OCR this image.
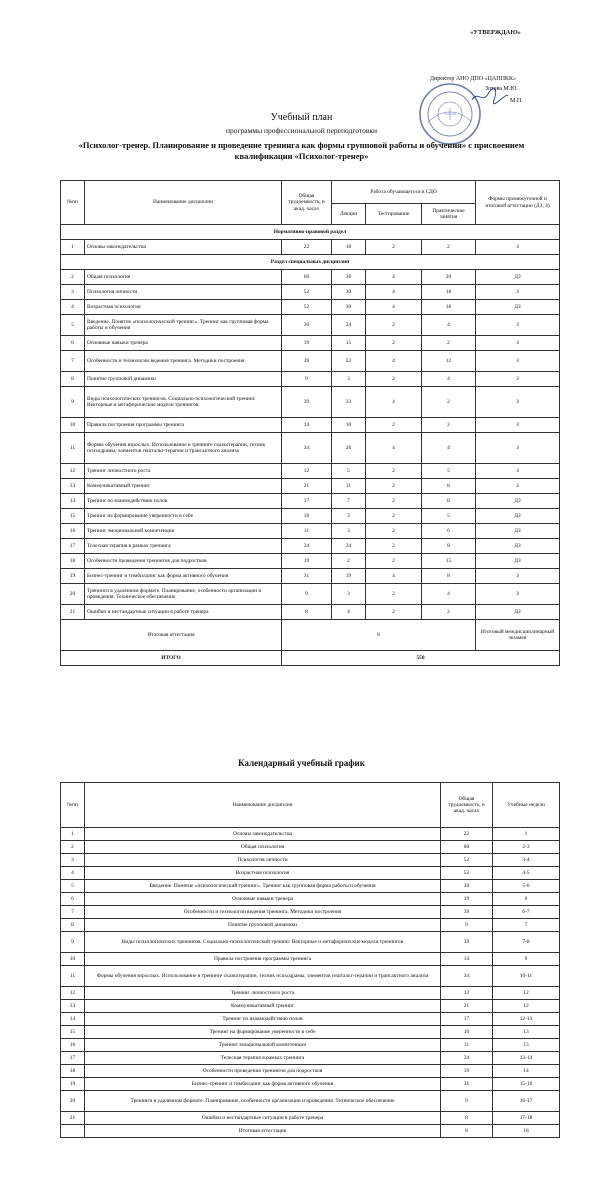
«УТВЕРЖДАЮ»
Директор АНО ДПО «ЦАППКК»
Зотова М.Ю.
М.П.
Учебный план
программы профессиональной переподготовки
«Психолог-тренер. Планирование и проведение тренинга как формы групповой работы и обучения» с присвоением квалификации «Психолог-тренер»
№пп	Наименование дисциплин	Общая трудоемкость, в акад. часах	Работа обучающегося в СДО			Формы промежуточной и итоговой аттестации (ДЗ, З)
			Лекции	Тестирование	Практические занятия	
Нормативно-правовой раздел						
1	Основы законодательства	22	18	2	2	З
Раздел специальных дисциплин						
2	Общая психология	60	36	4	20	ДЗ
3	Психология личности	52	30	4	18	З
4	Возрастная психология	52	30	4	18	ДЗ
5	Введение. Понятие «психологический тренинг». Тренинг как групповая форма работы и обучения	30	24	2	4	З
6	Основные навыки тренера	19	15	2	2	З
7	Особенности и технологии ведения тренинга. Методики построения	39	23	4	12	З
8	Понятие групповой динамики	9	3	2	4	З
9	Виды психологических тренингов. Социально-психологический тренинг. Векторные и метафорические модели тренингов	39	33	4	2	З
10	Правила построения программы тренинга	14	10	2	2	З
11	Формы обучения взрослых. Использование в тренинге сказкотерапии, техник психодрамы, элементов гештальт-терапии и трансактного анализа	34	26	4	4	З
12	Тренинг личностного роста	12	5	2	5	З
13	Коммуникативный тренинг	21	11	2	8	З
14	Тренинг по взаимодействию полов	17	7	2	8	ДЗ
15	Тренинг на формирование уверенности в себе	10	3	2	5	ДЗ
16	Тренинг эмоциональной компетенции	11	3	2	6	ДЗ
17	Телесная терапия в рамках тренинга	34	24	2	8	ДЗ
18	Особенности проведения тренингов для подростков	19	2	2	15	ДЗ
19	Бизнес-тренинг и тимбилдинг как форма активного обучения	31	19	4	8	З
20	Тренинги в удаленном формате. Планирование, особенности организации и проведения. Техническое обеспечение	9	3	2	4	З
21	Ошибки и нестандартные ситуации в работе тренера	8	4	2	2	ДЗ
Итоговая аттестация		8				Итоговый междисциплинарный экзамен
ИТОГО		550				
Календарный учебный график
№пп	Наименование дисциплин	Общая трудоемкость, в акад. часах	Учебные недели
1	Основы законодательства	22	1
2	Общая психология	60	2-3
3	Психология личности	52	3-4
4	Возрастная психология	52	4-5
5	Введение. Понятие «психологический тренинг». Тренинг как групповая форма работы и обучения	30	5-6
6	Основные навыки тренера	19	6
7	Особенности и технологии ведения тренинга. Методики построения	39	6-7
8	Понятие групповой динамики	9	7
9	Виды психологических тренингов. Социально-психологический тренинг. Векторные и метафорические модели тренингов	39	7-8
10	Правила построения программы тренинга	14	9
11	Формы обучения взрослых. Использование в тренинге сказкотерапии, техник психодрамы, элементов гештальт-терапии и трансактного анализа	34	10-11
12	Тренинг личностного роста	12	12
13	Коммуникативный тренинг	21	12
14	Тренинг по взаимодействию полов	17	12-13
15	Тренинг на формирование уверенности в себе	10	13
16	Тренинг эмоциональной компетенции	11	13
17	Телесная терапия в рамках тренинга	34	13-14
18	Особенности проведения тренингов для подростков	19	14
19	Бизнес-тренинг и тимбилдинг как форма активного обучения	31	15-16
20	Тренинги в удаленном формате. Планирование, особенности организации и проведения. Техническое обеспечение	9	16-17
21	Ошибки и нестандартные ситуации в работе тренера	8	17-18
	Итоговая аттестация	8	18
